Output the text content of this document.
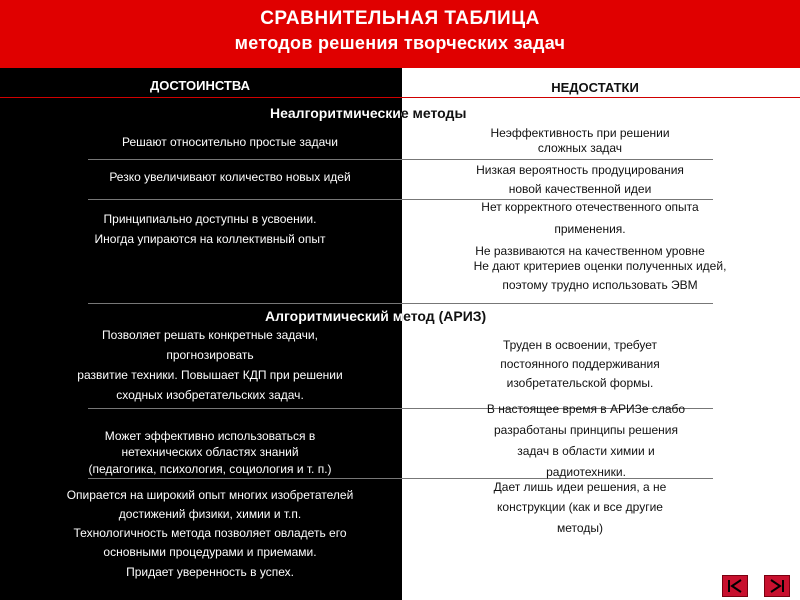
СРАВНИТЕЛЬНАЯ ТАБЛИЦА
методов решения творческих задач
ДОСТОИНСТВА	НЕДОСТАТКИ
Неалгоритмические методы
Алгоритмический метод (АРИЗ)
Решают относительно простые задачи
Резко увеличивают количество новых идей
Принципиально доступны в усвоении.
Иногда упираются на коллективный опыт
Позволяет решать конкретные задачи,
прогнозировать
развитие техники. Повышает КДП при решении
сходных изобретательских задач.
Может эффективно использоваться в
нетехнических областях знаний
(педагогика, психология, социология и т. п.)
Опирается на широкий опыт многих изобретателей
достижений физики, химии и т.п.
Технологичность метода позволяет овладеть его
основными процедурами и приемами.
Придает уверенность в успех.
Неэффективность при решении
сложных задач
Низкая вероятность продуцирования
новой качественной идеи
Нет корректного отечественного опыта
применения.
Не развиваются на качественном уровне
Не дают критериев оценки полученных идей,
поэтому трудно использовать ЭВМ
Труден в освоении, требует
постоянного поддерживания
изобретательской формы.
В настоящее время в АРИЗе слабо
разработаны принципы решения
задач в области химии и
радиотехники.
Дает лишь идеи решения, а не
конструкции (как и все другие
методы)
